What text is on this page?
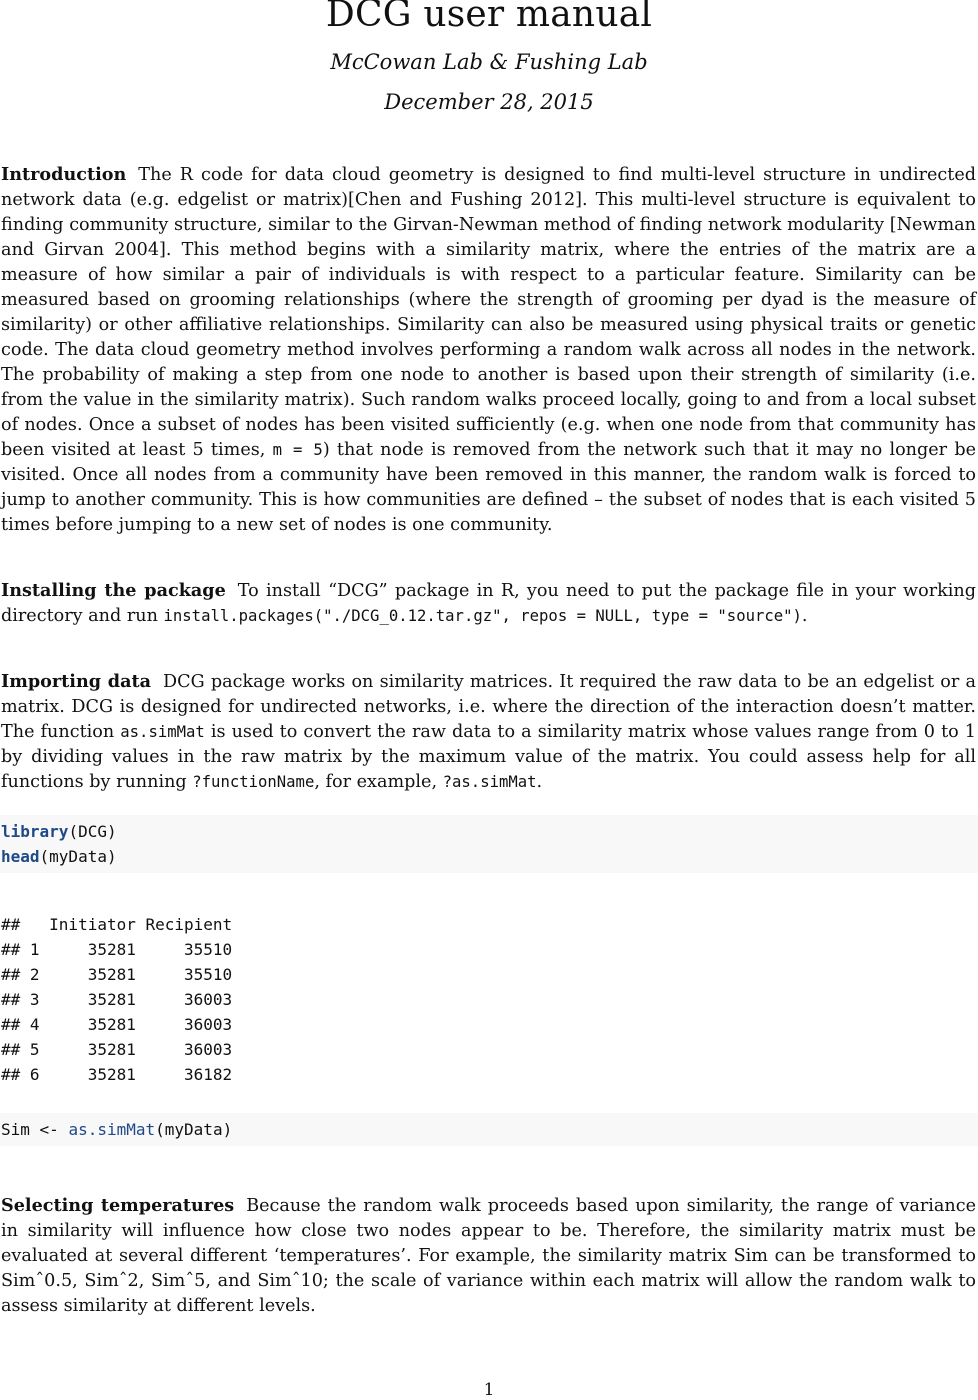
DCG user manual
McCowan Lab & Fushing Lab
December 28, 2015

Introduction The R code for data cloud geometry is designed to find multi-level structure in undirected network data (e.g. edgelist or matrix)[Chen and Fushing 2012]. This multi-level structure is equivalent to finding community structure, similar to the Girvan-Newman method of finding network modularity [Newman and Girvan 2004]. This method begins with a similarity matrix, where the entries of the matrix are a measure of how similar a pair of individuals is with respect to a particular feature. Similarity can be measured based on grooming relationships (where the strength of grooming per dyad is the measure of similarity) or other affiliative relationships. Similarity can also be measured using physical traits or genetic code. The data cloud geometry method involves performing a random walk across all nodes in the network. The probability of making a step from one node to another is based upon their strength of similarity (i.e. from the value in the similarity matrix). Such random walks proceed locally, going to and from a local subset of nodes. Once a subset of nodes has been visited sufficiently (e.g. when one node from that community has been visited at least 5 times, m = 5) that node is removed from the network such that it may no longer be visited. Once all nodes from a community have been removed in this manner, the random walk is forced to jump to another community. This is how communities are defined – the subset of nodes that is each visited 5 times before jumping to a new set of nodes is one community.

Installing the package To install “DCG” package in R, you need to put the package file in your working directory and run install.packages("./DCG_0.12.tar.gz", repos = NULL, type = "source").

Importing data DCG package works on similarity matrices. It required the raw data to be an edgelist or a matrix. DCG is designed for undirected networks, i.e. where the direction of the interaction doesn’t matter. The function as.simMat is used to convert the raw data to a similarity matrix whose values range from 0 to 1 by dividing values in the raw matrix by the maximum value of the matrix. You could assess help for all functions by running ?functionName, for example, ?as.simMat.

library(DCG)
head(myData)
##   Initiator Recipient
## 1     35281     35510
## 2     35281     35510
## 3     35281     36003
## 4     35281     36003
## 5     35281     36003
## 6     35281     36182
Sim <- as.simMat(myData)

Selecting temperatures Because the random walk proceeds based upon similarity, the range of variance in similarity will influence how close two nodes appear to be. Therefore, the similarity matrix must be evaluated at several different ‘temperatures’. For example, the similarity matrix Sim can be transformed to Simˆ0.5, Simˆ2, Simˆ5, and Simˆ10; the scale of variance within each matrix will allow the random walk to assess similarity at different levels.

1
